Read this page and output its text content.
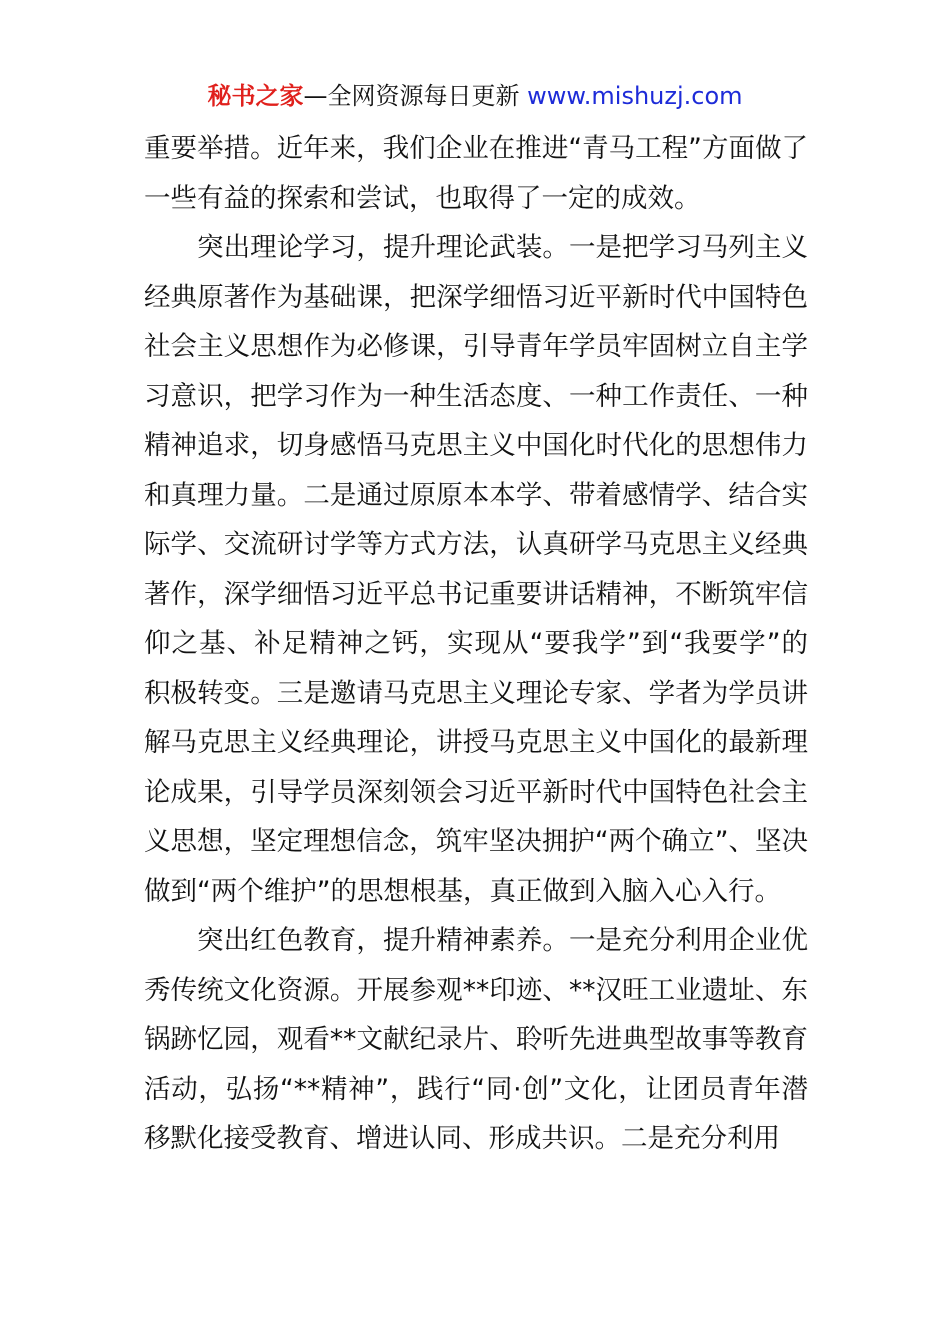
秘书之家—全网资源每日更新 www.mishuzj.com

重要举措。近年来，我们企业在推进“青马工程”方面做了一些有益的探索和尝试，也取得了一定的成效。

突出理论学习，提升理论武装。一是把学习马列主义经典原著作为基础课，把深学细悟习近平新时代中国特色社会主义思想作为必修课，引导青年学员牢固树立自主学习意识，把学习作为一种生活态度、一种工作责任、一种精神追求，切身感悟马克思主义中国化时代化的思想伟力和真理力量。二是通过原原本本学、带着感情学、结合实际学、交流研讨学等方式方法，认真研学马克思主义经典著作，深学细悟习近平总书记重要讲话精神，不断筑牢信仰之基、补足精神之钙，实现从“要我学”到“我要学”的积极转变。三是邀请马克思主义理论专家、学者为学员讲解马克思主义经典理论，讲授马克思主义中国化的最新理论成果，引导学员深刻领会习近平新时代中国特色社会主义思想，坚定理想信念，筑牢坚决拥护“两个确立”、坚决做到“两个维护”的思想根基，真正做到入脑入心入行。

突出红色教育，提升精神素养。一是充分利用企业优秀传统文化资源。开展参观**印迹、**汉旺工业遗址、东锅跡忆园，观看**文献纪录片、聆听先进典型故事等教育活动，弘扬“**精神”，践行“同·创”文化，让团员青年潜移默化接受教育、增进认同、形成共识。二是充分利用
